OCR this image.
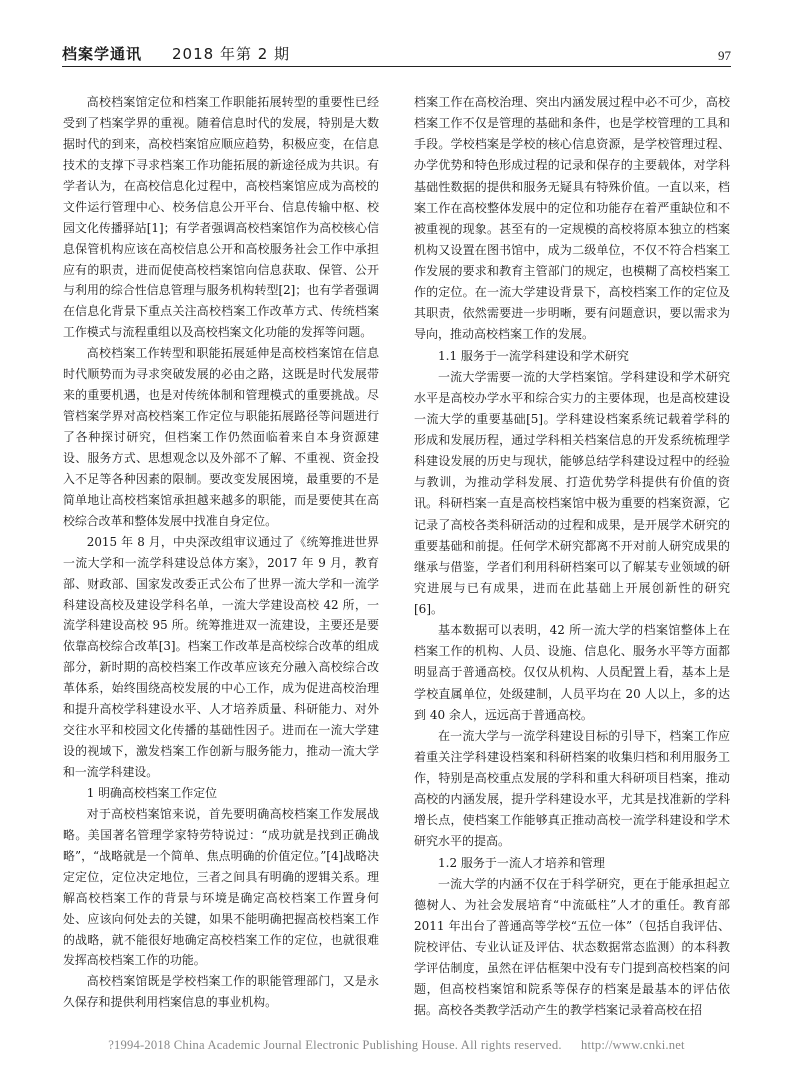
档案学通讯 2018 年第 2 期	97

高校档案馆定位和档案工作职能拓展转型的重要性已经受到了档案学界的重视。随着信息时代的发展，特别是大数据时代的到来，高校档案馆应顺应趋势，积极应变，在信息技术的支撑下寻求档案工作功能拓展的新途径成为共识。有学者认为，在高校信息化过程中，高校档案馆应成为高校的文件运行管理中心、校务信息公开平台、信息传输中枢、校园文化传播驿站[1]；有学者强调高校档案馆作为高校核心信息保管机构应该在高校信息公开和高校服务社会工作中承担应有的职责，进而促使高校档案馆向信息获取、保管、公开与利用的综合性信息管理与服务机构转型[2]；也有学者强调在信息化背景下重点关注高校档案工作改革方式、传统档案工作模式与流程重组以及高校档案文化功能的发挥等问题。

高校档案工作转型和职能拓展延伸是高校档案馆在信息时代顺势而为寻求突破发展的必由之路，这既是时代发展带来的重要机遇，也是对传统体制和管理模式的重要挑战。尽管档案学界对高校档案工作定位与职能拓展路径等问题进行了各种探讨研究，但档案工作仍然面临着来自本身资源建设、服务方式、思想观念以及外部不了解、不重视、资金投入不足等各种因素的限制。要改变发展困境，最重要的不是简单地让高校档案馆承担越来越多的职能，而是要使其在高校综合改革和整体发展中找准自身定位。

2015 年 8 月，中央深改组审议通过了《统筹推进世界一流大学和一流学科建设总体方案》，2017 年 9 月，教育部、财政部、国家发改委正式公布了世界一流大学和一流学科建设高校及建设学科名单，一流大学建设高校 42 所，一流学科建设高校 95 所。统筹推进双一流建设，主要还是要依靠高校综合改革[3]。档案工作改革是高校综合改革的组成部分，新时期的高校档案工作改革应该充分融入高校综合改革体系，始终围绕高校发展的中心工作，成为促进高校治理和提升高校学科建设水平、人才培养质量、科研能力、对外交往水平和校园文化传播的基础性因子。进而在一流大学建设的视域下，激发档案工作创新与服务能力，推动一流大学和一流学科建设。

1 明确高校档案工作定位

对于高校档案馆来说，首先要明确高校档案工作发展战略。美国著名管理学家特劳特说过：“成功就是找到正确战略”，“战略就是一个简单、焦点明确的价值定位。”[4]战略决定定位，定位决定地位，三者之间具有明确的逻辑关系。理解高校档案工作的背景与环境是确定高校档案工作置身何处、应该向何处去的关键，如果不能明确把握高校档案工作的战略，就不能很好地确定高校档案工作的定位，也就很难发挥高校档案工作的功能。

高校档案馆既是学校档案工作的职能管理部门，又是永久保存和提供利用档案信息的事业机构。

档案工作在高校治理、突出内涵发展过程中必不可少，高校档案工作不仅是管理的基础和条件，也是学校管理的工具和手段。学校档案是学校的核心信息资源，是学校管理过程、办学优势和特色形成过程的记录和保存的主要载体，对学科基础性数据的提供和服务无疑具有特殊价值。一直以来，档案工作在高校整体发展中的定位和功能存在着严重缺位和不被重视的现象。甚至有的一定规模的高校将原本独立的档案机构又设置在图书馆中，成为二级单位，不仅不符合档案工作发展的要求和教育主管部门的规定，也模糊了高校档案工作的定位。在一流大学建设背景下，高校档案工作的定位及其职责，依然需要进一步明晰，要有问题意识，要以需求为导向，推动高校档案工作的发展。

1.1 服务于一流学科建设和学术研究

一流大学需要一流的大学档案馆。学科建设和学术研究水平是高校办学水平和综合实力的主要体现，也是高校建设一流大学的重要基础[5]。学科建设档案系统记载着学科的形成和发展历程，通过学科相关档案信息的开发系统梳理学科建设发展的历史与现状，能够总结学科建设过程中的经验与教训，为推动学科发展、打造优势学科提供有价值的资讯。科研档案一直是高校档案馆中极为重要的档案资源，它记录了高校各类科研活动的过程和成果，是开展学术研究的重要基础和前提。任何学术研究都离不开对前人研究成果的继承与借鉴，学者们利用科研档案可以了解某专业领域的研究进展与已有成果，进而在此基础上开展创新性的研究[6]。

基本数据可以表明，42 所一流大学的档案馆整体上在档案工作的机构、人员、设施、信息化、服务水平等方面都明显高于普通高校。仅仅从机构、人员配置上看，基本上是学校直属单位，处级建制，人员平均在 20 人以上，多的达到 40 余人，远远高于普通高校。

在一流大学与一流学科建设目标的引导下，档案工作应着重关注学科建设档案和科研档案的收集归档和利用服务工作，特别是高校重点发展的学科和重大科研项目档案，推动高校的内涵发展，提升学科建设水平，尤其是找准新的学科增长点，使档案工作能够真正推动高校一流学科建设和学术研究水平的提高。

1.2 服务于一流人才培养和管理

一流大学的内涵不仅在于科学研究，更在于能承担起立德树人、为社会发展培育“中流砥柱”人才的重任。教育部 2011 年出台了普通高等学校“五位一体”（包括自我评估、院校评估、专业认证及评估、状态数据常态监测）的本科教学评估制度，虽然在评估框架中没有专门提到高校档案的问题，但高校档案馆和院系等保存的档案是最基本的评估依据。高校各类教学活动产生的教学档案记录着高校在招

?1994-2018 China Academic Journal Electronic Publishing House. All rights reserved. http://www.cnki.net
